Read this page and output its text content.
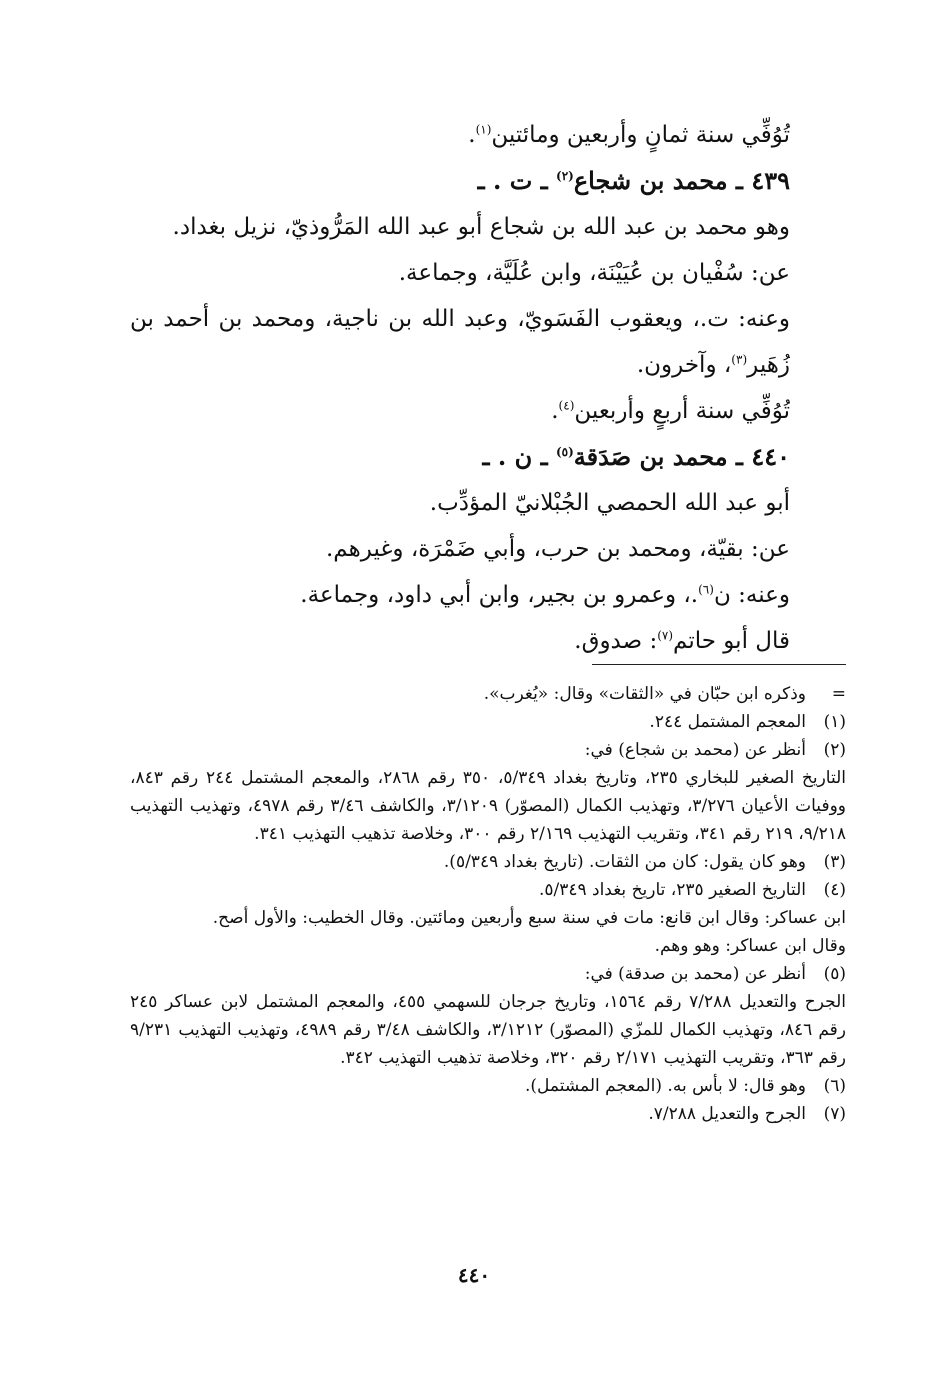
تُوُفِّي سنة ثمانٍ وأربعين ومائتين$^{(١)}$.
٤٣٩ ـ محمد بن شجاع$^{(٢)}$ ـ ت . ـ
وهو محمد بن عبد الله بن شجاع أبو عبد الله المَرُّوذيّ، نزيل بغداد.
عن: سُفْيان بن عُيَيْنَة، وابن عُلَيَّة، وجماعة.
وعنه: ت.، ويعقوب الفَسَويّ، وعبد الله بن ناجية، ومحمد بن أحمد بن زُهَير$^{(٣)}$، وآخرون.
تُوُفِّي سنة أربعٍ وأربعين$^{(٤)}$.
٤٤٠ ـ محمد بن صَدَقة$^{(٥)}$ ـ ن . ـ
أبو عبد الله الحمصي الجُبْلانيّ المؤدِّب.
عن: بقيّة، ومحمد بن حرب، وأبي ضَمْرَة، وغيرهم.
وعنه: ن$^{(٦)}$.، وعمرو بن بجير، وابن أبي داود، وجماعة.
قال أبو حاتم$^{(٧)}$: صدوق.
=
وذكره ابن حبّان في «الثقات» وقال: «يُغرب».
(١)
المعجم المشتمل ٢٤٤.
(٢)
أنظر عن (محمد بن شجاع) في:
التاريخ الصغير للبخاري ٢٣٥، وتاريخ بغداد ٥/٣٤٩، ٣٥٠ رقم ٢٨٦٨، والمعجم المشتمل ٢٤٤ رقم ٨٤٣، ووفيات الأعيان ٣/٢٧٦، وتهذيب الكمال (المصوّر) ٣/١٢٠٩، والكاشف ٣/٤٦ رقم ٤٩٧٨، وتهذيب التهذيب ٩/٢١٨، ٢١٩ رقم ٣٤١، وتقريب التهذيب ٢/١٦٩ رقم ٣٠٠، وخلاصة تذهيب التهذيب ٣٤١.
(٣)
وهو كان يقول: كان من الثقات. (تاريخ بغداد ٥/٣٤٩).
(٤)
التاريخ الصغير ٢٣٥، تاريخ بغداد ٥/٣٤٩.
ابن عساكر: وقال ابن قانع: مات في سنة سبع وأربعين ومائتين. وقال الخطيب: والأول أصح.
وقال ابن عساكر: وهو وهم.
(٥)
أنظر عن (محمد بن صدقة) في:
الجرح والتعديل ٧/٢٨٨ رقم ١٥٦٤، وتاريخ جرجان للسهمي ٤٥٥، والمعجم المشتمل لابن عساكر ٢٤٥ رقم ٨٤٦، وتهذيب الكمال للمزّي (المصوّر) ٣/١٢١٢، والكاشف ٣/٤٨ رقم ٤٩٨٩، وتهذيب التهذيب ٩/٢٣١ رقم ٣٦٣، وتقريب التهذيب ٢/١٧١ رقم ٣٢٠، وخلاصة تذهيب التهذيب ٣٤٢.
(٦)
وهو قال: لا بأس به. (المعجم المشتمل).
(٧)
الجرح والتعديل ٧/٢٨٨.
٤٤٠
